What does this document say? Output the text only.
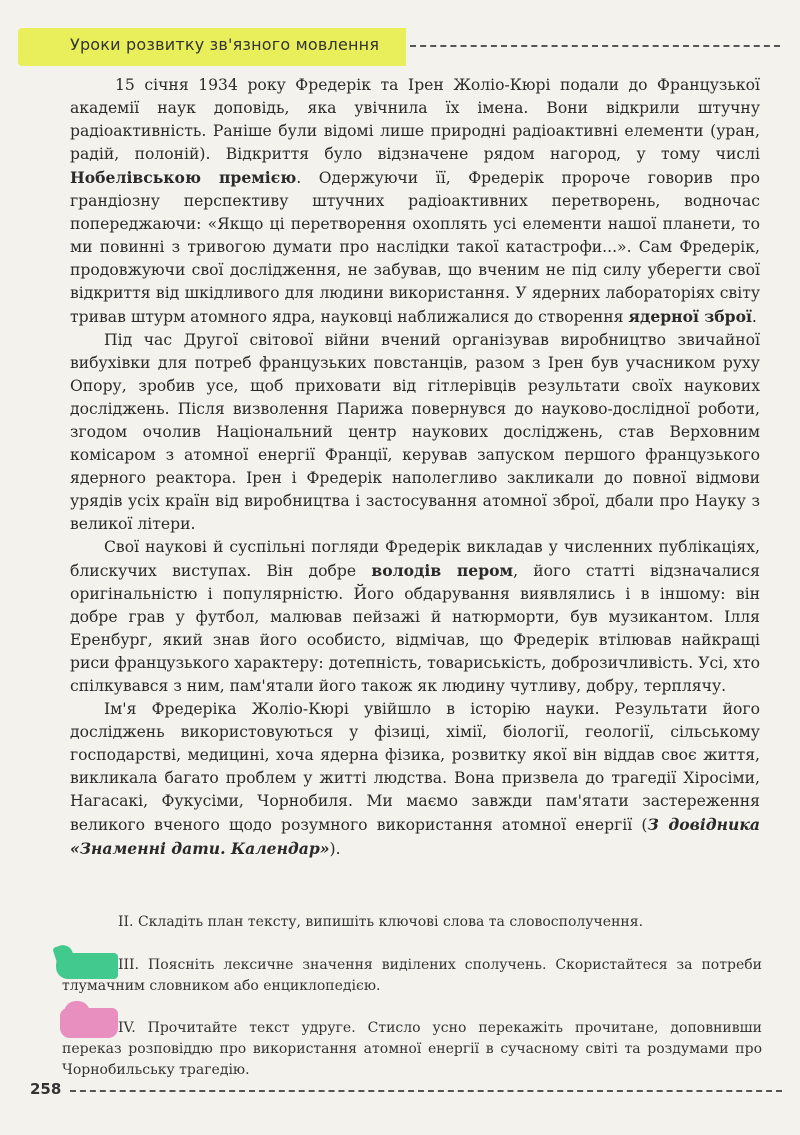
Уроки розвитку зв'язного мовлення

15 січня 1934 року Фредерік та Ірен Жоліо-Кюрі подали до Французької академії наук доповідь, яка увічнила їх імена. Вони відкрили штучну радіоактивність. Раніше були відомі лише природні радіоактивні елементи (уран, радій, полоній). Відкриття було відзначене рядом нагород, у тому числі Нобелівською премією. Одержуючи її, Фредерік пророче говорив про грандіозну перспективу штучних радіоактивних перетворень, водночас попереджаючи: «Якщо ці перетворення охоплять усі елементи нашої планети, то ми повинні з тривогою думати про наслідки такої катастрофи...». Сам Фредерік, продовжуючи свої дослідження, не забував, що вченим не під силу уберегти свої відкриття від шкідливого для людини використання. У ядерних лабораторіях світу тривав штурм атомного ядра, науковці наближалися до створення ядерної зброї.

Під час Другої світової війни вчений організував виробництво звичайної вибухівки для потреб французьких повстанців, разом з Ірен був учасником руху Опору, зробив усе, щоб приховати від гітлерівців результати своїх наукових досліджень. Після визволення Парижа повернувся до науково-дослідної роботи, згодом очолив Національний центр наукових досліджень, став Верховним комісаром з атомної енергії Франції, керував запуском першого французького ядерного реактора. Ірен і Фредерік наполегливо закликали до повної відмови урядів усіх країн від виробництва і застосування атомної зброї, дбали про Науку з великої літери.

Свої наукові й суспільні погляди Фредерік викладав у численних публікаціях, блискучих виступах. Він добре володів пером, його статті відзначалися оригінальністю і популярністю. Його обдарування виявлялись і в іншому: він добре грав у футбол, малював пейзажі й натюрморти, був музикантом. Ілля Еренбург, який знав його особисто, відмічав, що Фредерік втілював найкращі риси французького характеру: дотепність, товариськість, доброзичливість. Усі, хто спілкувався з ним, пам'ятали його також як людину чутливу, добру, терплячу.

Ім'я Фредеріка Жоліо-Кюрі увійшло в історію науки. Результати його досліджень використовуються у фізиці, хімії, біології, геології, сільському господарстві, медицині, хоча ядерна фізика, розвитку якої він віддав своє життя, викликала багато проблем у житті людства. Вона призвела до трагедії Хіросіми, Нагасакі, Фукусіми, Чорнобиля. Ми маємо завжди пам'ятати застереження великого вченого щодо розумного використання атомної енергії (З довідника «Знаменні дати. Календар»).

II. Складіть план тексту, випишіть ключові слова та словосполучення.
III. Поясніть лексичне значення виділених сполучень. Скористайтеся за потреби тлумачним словником або енциклопедією.
IV. Прочитайте текст удруге. Стисло усно перекажіть прочитане, доповнивши переказ розповіддю про використання атомної енергії в сучасному світі та роздумами про Чорнобильську трагедію.
258
